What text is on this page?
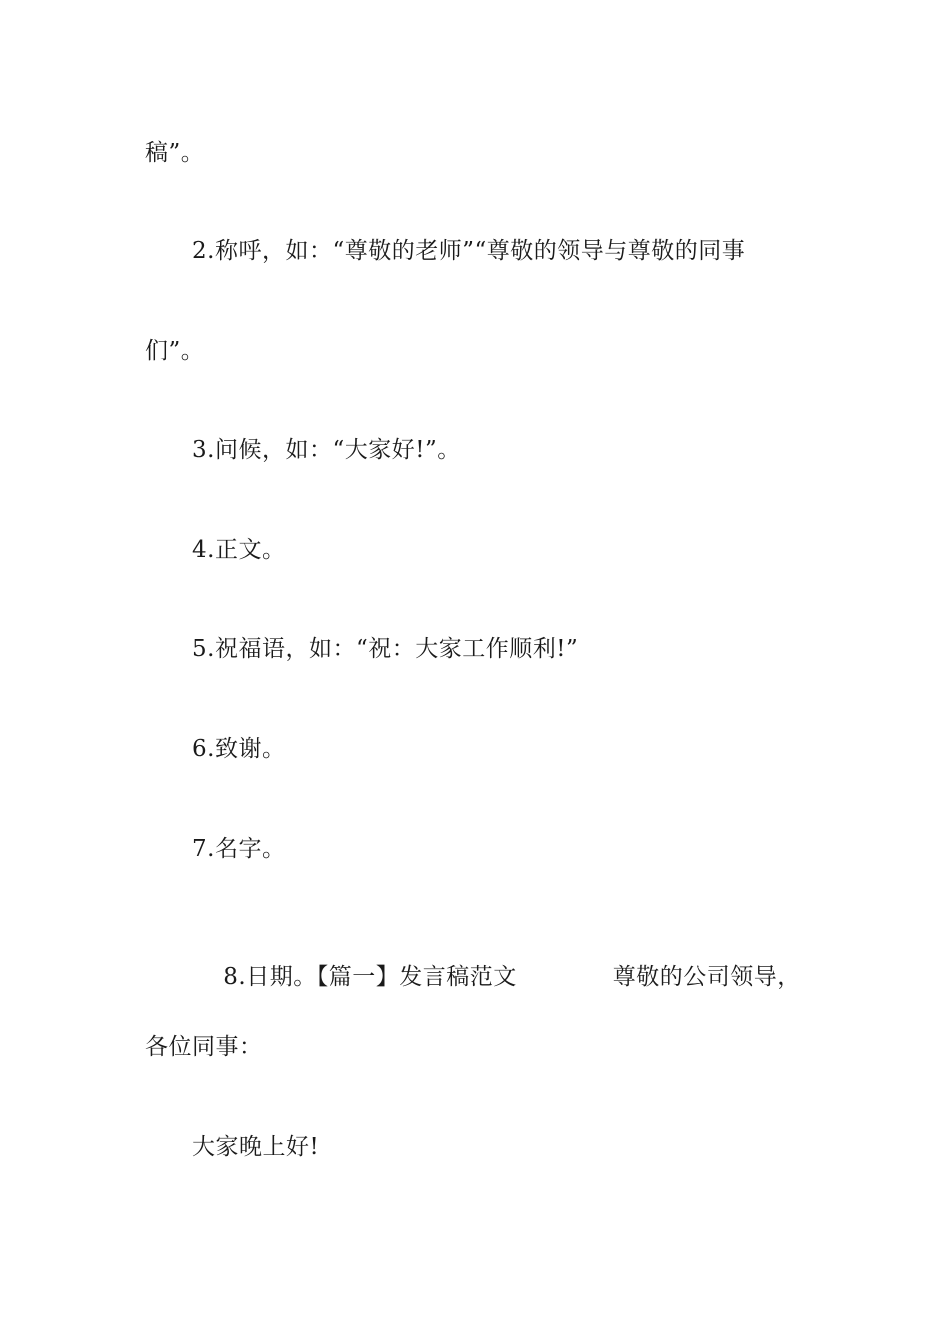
稿”。
2.称呼，如：“尊敬的老师”“尊敬的领导与尊敬的同事
们”。
3.问候，如：“大家好!”。
4.正文。
5.祝福语，如：“祝：大家工作顺利!”
6.致谢。
7.名字。

8.日期。【篇一】发言稿范文	尊敬的公司领导，

各位同事：
大家晚上好!
